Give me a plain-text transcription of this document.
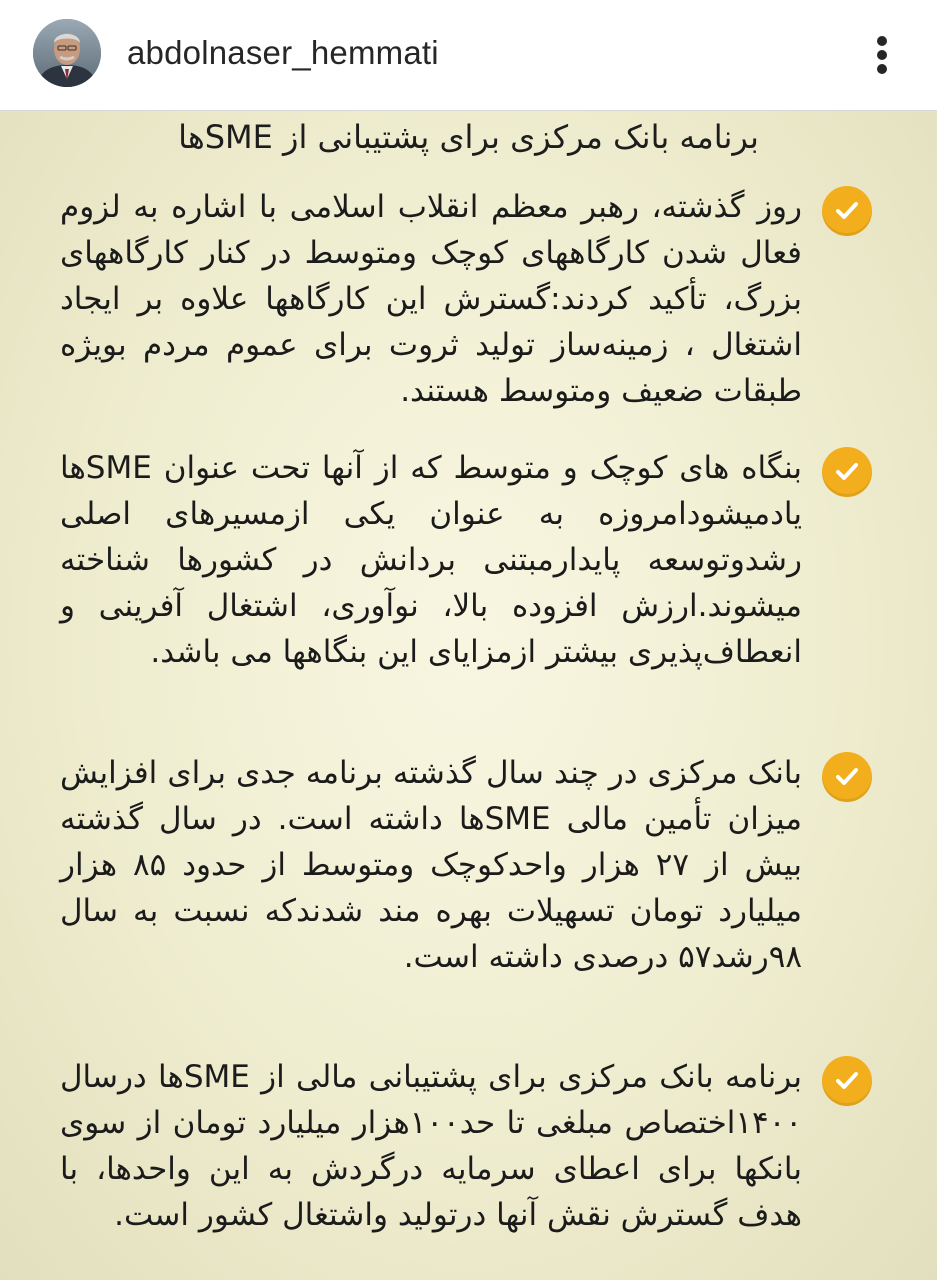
abdolnaser_hemmati
برنامه بانک مرکزی برای پشتیبانی از SMEها
روز گذشته، رهبر معظم انقلاب اسلامی با اشاره به لزوم فعال شدن کارگاههای کوچک ومتوسط در کنار کارگاههای بزرگ، تأکید کردند:گسترش این کارگاهها علاوه بر ایجاد اشتغال ، زمینه‌ساز تولید ثروت برای عموم مردم بویژه طبقات ضعیف ومتوسط هستند.
بنگاه های کوچک و متوسط که از آنها تحت عنوان SMEها یادمیشودامروزه به عنوان یکی ازمسیرهای اصلی رشدوتوسعه پایدارمبتنی بردانش در کشورها شناخته میشوند.ارزش افزوده بالا، نوآوری، اشتغال آفرینی و انعطاف‌پذیری بیشتر ازمزایای این بنگاهها می باشد.
بانک مرکزی در چند سال گذشته برنامه جدی برای افزایش میزان تأمین مالی SMEها داشته است. در سال گذشته بیش از ۲۷ هزار واحدکوچک ومتوسط از حدود ۸۵ هزار میلیارد تومان تسهیلات بهره مند شدندکه نسبت به سال ۹۸رشد۵۷ درصدی داشته است.
برنامه بانک مرکزی برای پشتیبانی مالی از SMEها درسال ۱۴۰۰اختصاص مبلغی تا حد۱۰۰هزار میلیارد تومان از سوی بانکها برای اعطای سرمایه درگردش به این واحدها، با هدف گسترش نقش آنها درتولید واشتغال کشور است.
